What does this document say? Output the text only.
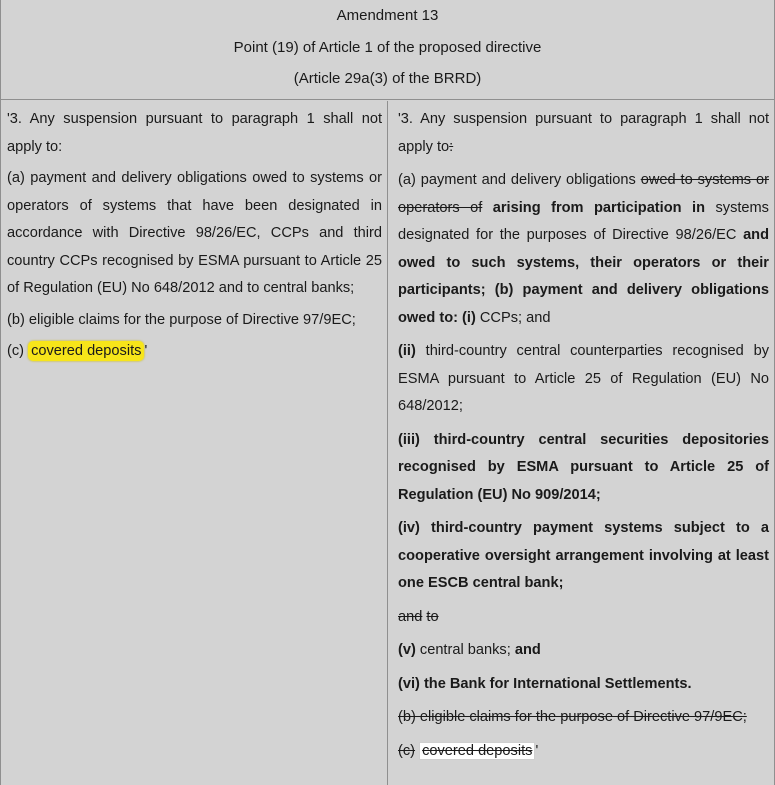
Amendment 13
Point (19) of Article 1 of the proposed directive
(Article 29a(3) of the BRRD)

'3. Any suspension pursuant to paragraph 1 shall not apply to:

(a) payment and delivery obligations owed to systems or operators of systems that have been designated in accordance with Directive 98/26/EC, CCPs and third country CCPs recognised by ESMA pursuant to Article 25 of Regulation (EU) No 648/2012 and to central banks;

(b) eligible claims for the purpose of Directive 97/9EC;

(c) covered deposits '

'3. Any suspension pursuant to paragraph 1 shall not apply to:

(a) payment and delivery obligations owed to systems or operators of arising from participation in systems designated for the purposes of Directive 98/26/EC and owed to such systems, their operators or their participants; (b) payment and delivery obligations owed to: (i) CCPs; and

(ii) third-country central counterparties recognised by ESMA pursuant to Article 25 of Regulation (EU) No 648/2012;

(iii) third-country central securities depositories recognised by ESMA pursuant to Article 25 of Regulation (EU) No 909/2014;

(iv) third-country payment systems subject to a cooperative oversight arrangement involving at least one ESCB central bank;

and to

(v) central banks; and

(vi) the Bank for International Settlements.

(b) eligible claims for the purpose of Directive 97/9EC;

(c) covered deposits '
